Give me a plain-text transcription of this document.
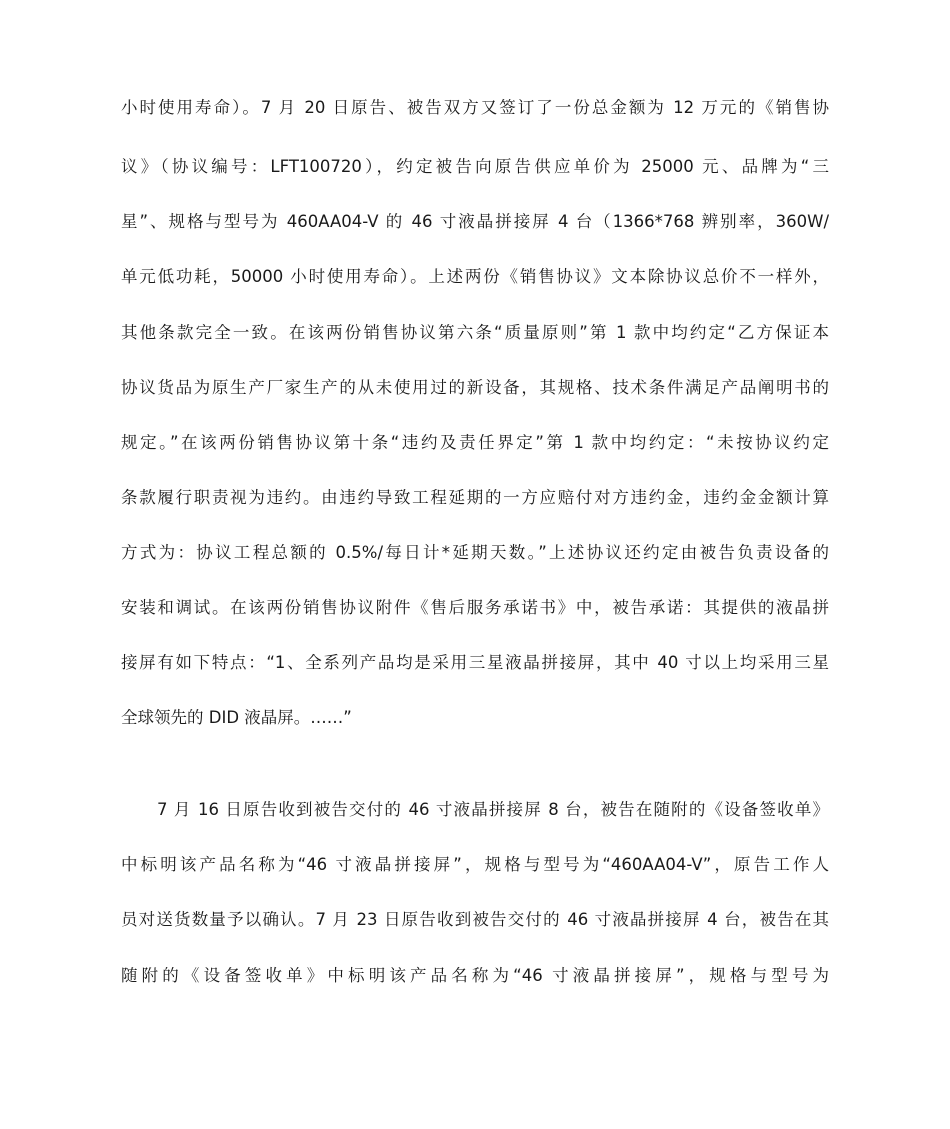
小时使用寿命）。7 月 20 日原告、被告双方又签订了一份总金额为 12 万元的《销售协
议》（协议编号：LFT100720），约定被告向原告供应单价为 25000 元、品牌为“三
星”、规格与型号为 460AA04-V 的 46 寸液晶拼接屏 4 台（1366*768 辨别率，360W/
单元低功耗，50000 小时使用寿命）。上述两份《销售协议》文本除协议总价不一样外，
其他条款完全一致。在该两份销售协议第六条“质量原则”第 1 款中均约定“乙方保证本
协议货品为原生产厂家生产的从未使用过的新设备，其规格、技术条件满足产品阐明书的
规定。”在该两份销售协议第十条“违约及责任界定”第 1 款中均约定：“未按协议约定
条款履行职责视为违约。由违约导致工程延期的一方应赔付对方违约金，违约金金额计算
方式为：协议工程总额的 0.5%/每日计*延期天数。”上述协议还约定由被告负责设备的
安装和调试。在该两份销售协议附件《售后服务承诺书》中，被告承诺：其提供的液晶拼
接屏有如下特点：“1、全系列产品均是采用三星液晶拼接屏，其中 40 寸以上均采用三星
全球领先的 DID 液晶屏。……”
7 月 16 日原告收到被告交付的 46 寸液晶拼接屏 8 台，被告在随附的《设备签收单》
中标明该产品名称为“46 寸液晶拼接屏”，规格与型号为“460AA04-V”，原告工作人
员对送货数量予以确认。7 月 23 日原告收到被告交付的 46 寸液晶拼接屏 4 台，被告在其
随附的《设备签收单》中标明该产品名称为“46 寸液晶拼接屏”，规格与型号为
